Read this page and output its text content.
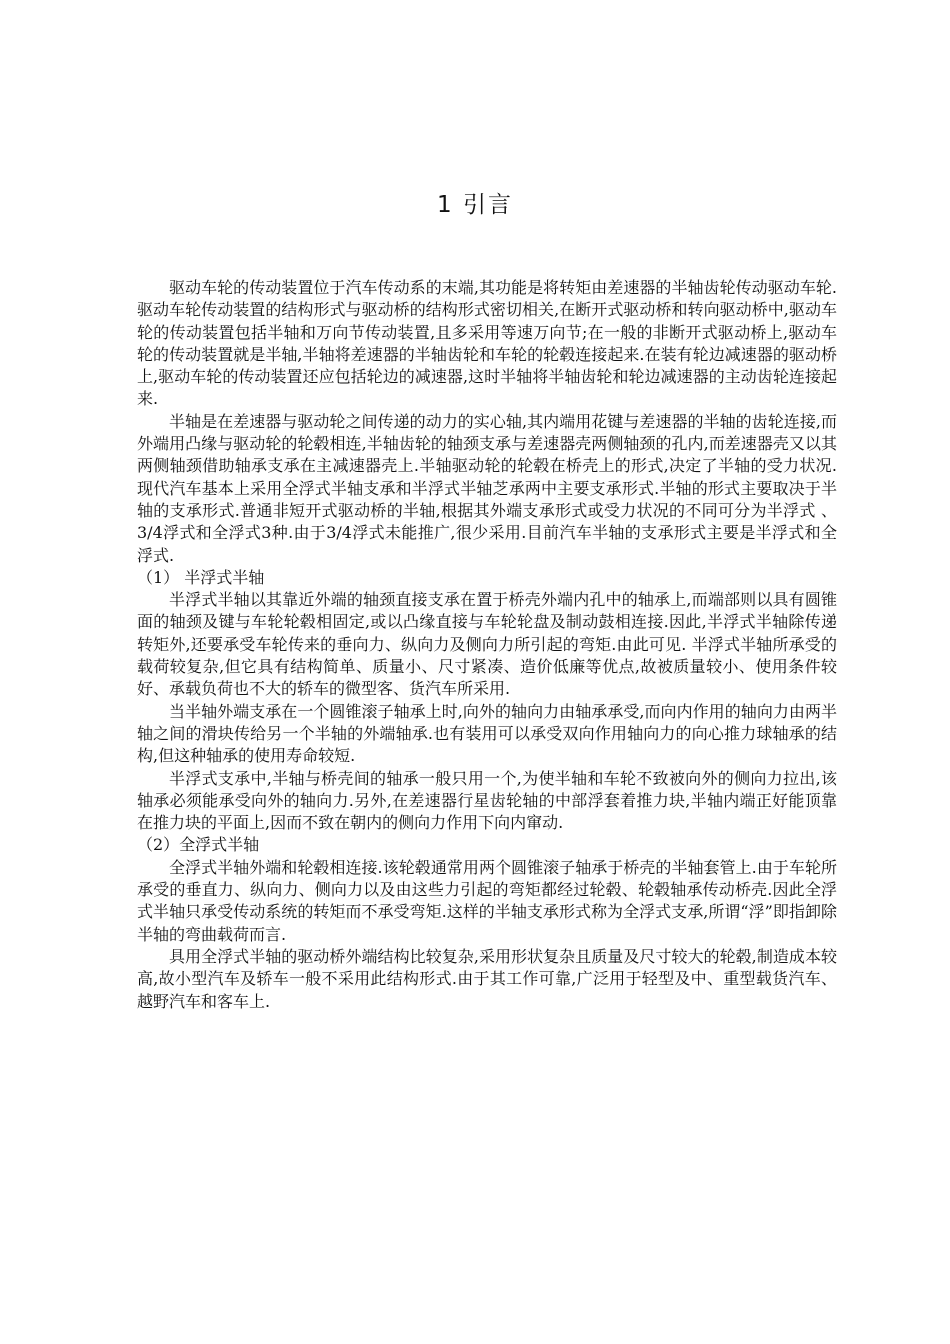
1 引言

驱动车轮的传动装置位于汽车传动系的末端,其功能是将转矩由差速器的半轴齿轮传动驱动车轮.驱动车轮传动装置的结构形式与驱动桥的结构形式密切相关,在断开式驱动桥和转向驱动桥中,驱动车轮的传动装置包括半轴和万向节传动装置,且多采用等速万向节;在一般的非断开式驱动桥上,驱动车轮的传动装置就是半轴,半轴将差速器的半轴齿轮和车轮的轮毂连接起来.在装有轮边减速器的驱动桥上,驱动车轮的传动装置还应包括轮边的减速器,这时半轴将半轴齿轮和轮边减速器的主动齿轮连接起来.

半轴是在差速器与驱动轮之间传递的动力的实心轴,其内端用花键与差速器的半轴的齿轮连接,而外端用凸缘与驱动轮的轮毂相连,半轴齿轮的轴颈支承与差速器壳两侧轴颈的孔内,而差速器壳又以其两侧轴颈借助轴承支承在主减速器壳上.半轴驱动轮的轮毂在桥壳上的形式,决定了半轴的受力状况.现代汽车基本上采用全浮式半轴支承和半浮式半轴芝承两中主要支承形式.半轴的形式主要取决于半轴的支承形式.普通非短开式驱动桥的半轴,根据其外端支承形式或受力状况的不同可分为半浮式 、3/4浮式和全浮式3种.由于3/4浮式未能推广,很少采用.目前汽车半轴的支承形式主要是半浮式和全浮式.

（1） 半浮式半轴

半浮式半轴以其靠近外端的轴颈直接支承在置于桥壳外端内孔中的轴承上,而端部则以具有圆锥面的轴颈及键与车轮轮毂相固定,或以凸缘直接与车轮轮盘及制动鼓相连接.因此,半浮式半轴除传递转矩外,还要承受车轮传来的垂向力、纵向力及侧向力所引起的弯矩.由此可见. 半浮式半轴所承受的载荷较复杂,但它具有结构简单、质量小、尺寸紧凑、造价低廉等优点,故被质量较小、使用条件较好、承载负荷也不大的轿车的微型客、货汽车所采用.

当半轴外端支承在一个圆锥滚子轴承上时,向外的轴向力由轴承承受,而向内作用的轴向力由两半轴之间的滑块传给另一个半轴的外端轴承.也有装用可以承受双向作用轴向力的向心推力球轴承的结构,但这种轴承的使用寿命较短.

半浮式支承中,半轴与桥壳间的轴承一般只用一个,为使半轴和车轮不致被向外的侧向力拉出,该轴承必须能承受向外的轴向力.另外,在差速器行星齿轮轴的中部浮套着推力块,半轴内端正好能顶靠在推力块的平面上,因而不致在朝内的侧向力作用下向内窜动.

（2）全浮式半轴

全浮式半轴外端和轮毂相连接.该轮毂通常用两个圆锥滚子轴承于桥壳的半轴套管上.由于车轮所承受的垂直力、纵向力、侧向力以及由这些力引起的弯矩都经过轮毂、轮毂轴承传动桥壳.因此全浮式半轴只承受传动系统的转矩而不承受弯矩.这样的半轴支承形式称为全浮式支承,所谓“浮”即指卸除半轴的弯曲载荷而言.

具用全浮式半轴的驱动桥外端结构比较复杂,采用形状复杂且质量及尺寸较大的轮毂,制造成本较高,故小型汽车及轿车一般不采用此结构形式.由于其工作可靠,广泛用于轻型及中、重型载货汽车、越野汽车和客车上.
